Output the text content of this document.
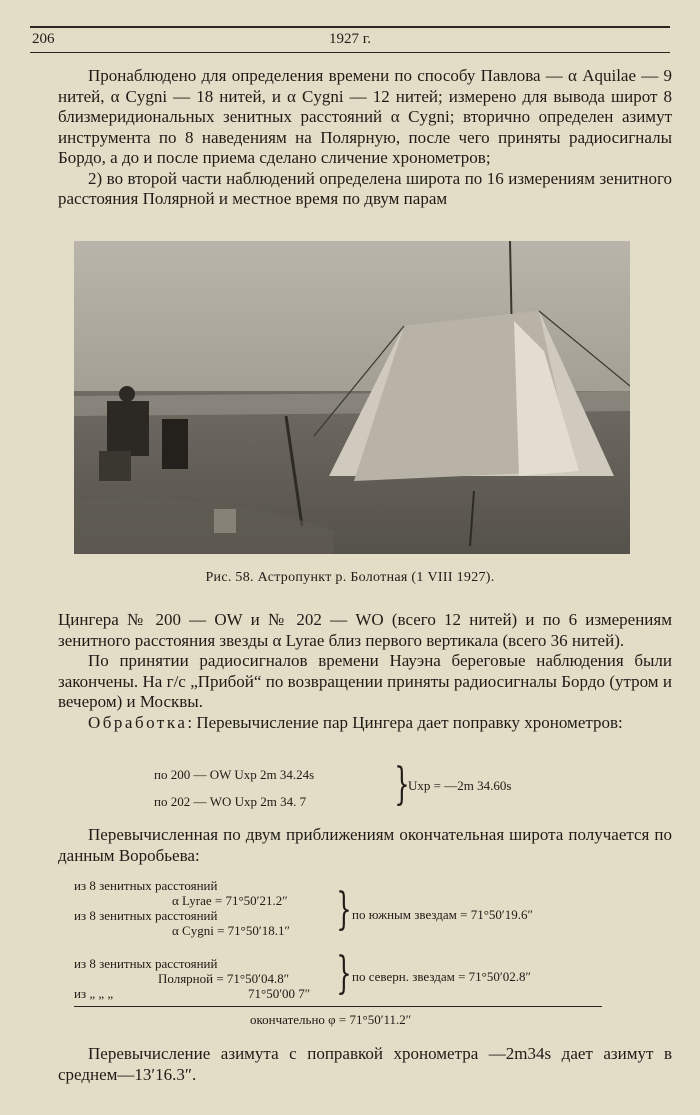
206	1927 г.

Пронаблюдено для определения времени по способу Павлова — α Aquilae — 9 нитей, α Cygni — 18 нитей, и α Cygni — 12 нитей; измерено для вывода широт 8 близмеридиональных зенитных расстояний α Cygni; вторично определен азимут инструмента по 8 наведениям на Полярную, после чего приняты радиосигналы Бордо, а до и после приема сделано сличение хронометров;

2) во второй части наблюдений определена широта по 16 измерениям зенитного расстояния Полярной и местное время по двум парам

Рис. 58. Астропункт р. Болотная (1 VIII 1927).

Цингера № 200 — OW и № 202 — WO (всего 12 нитей) и по 6 измерениям зенитного расстояния звезды α Lyrae близ первого вертикала (всего 36 нитей).

По принятии радиосигналов времени Науэна береговые наблюдения были закончены. На г/с „Прибой“ по возвращении приняты радиосигналы Бордо (утром и вечером) и Москвы.

Обработка: Перевычисление пар Цингера дает поправку хронометров:

по 200 — OW Uхр 2m 34.24s
по 202 — WO Uхр 2m 34. 7 }
Uхр = —2m 34.60s

Перевычисленная по двум приближениям окончательная широта получается по данным Воробьева:

из 8 зенитных расстояний
α Lyrae = 71°50′21.2″
из 8 зенитных расстояний
α Cygni = 71°50′18.1″ } по южным звездам = 71°50′19.6″
из 8 зенитных расстояний
Полярной = 71°50′04.8″
из „ „ „	71°50′00 7″ } по северн. звездам = 71°50′02.8″
окончательно φ = 71°50′11.2″

Перевычисление азимута с поправкой хронометра —2m34s дает азимут в среднем—13′16.3″.
